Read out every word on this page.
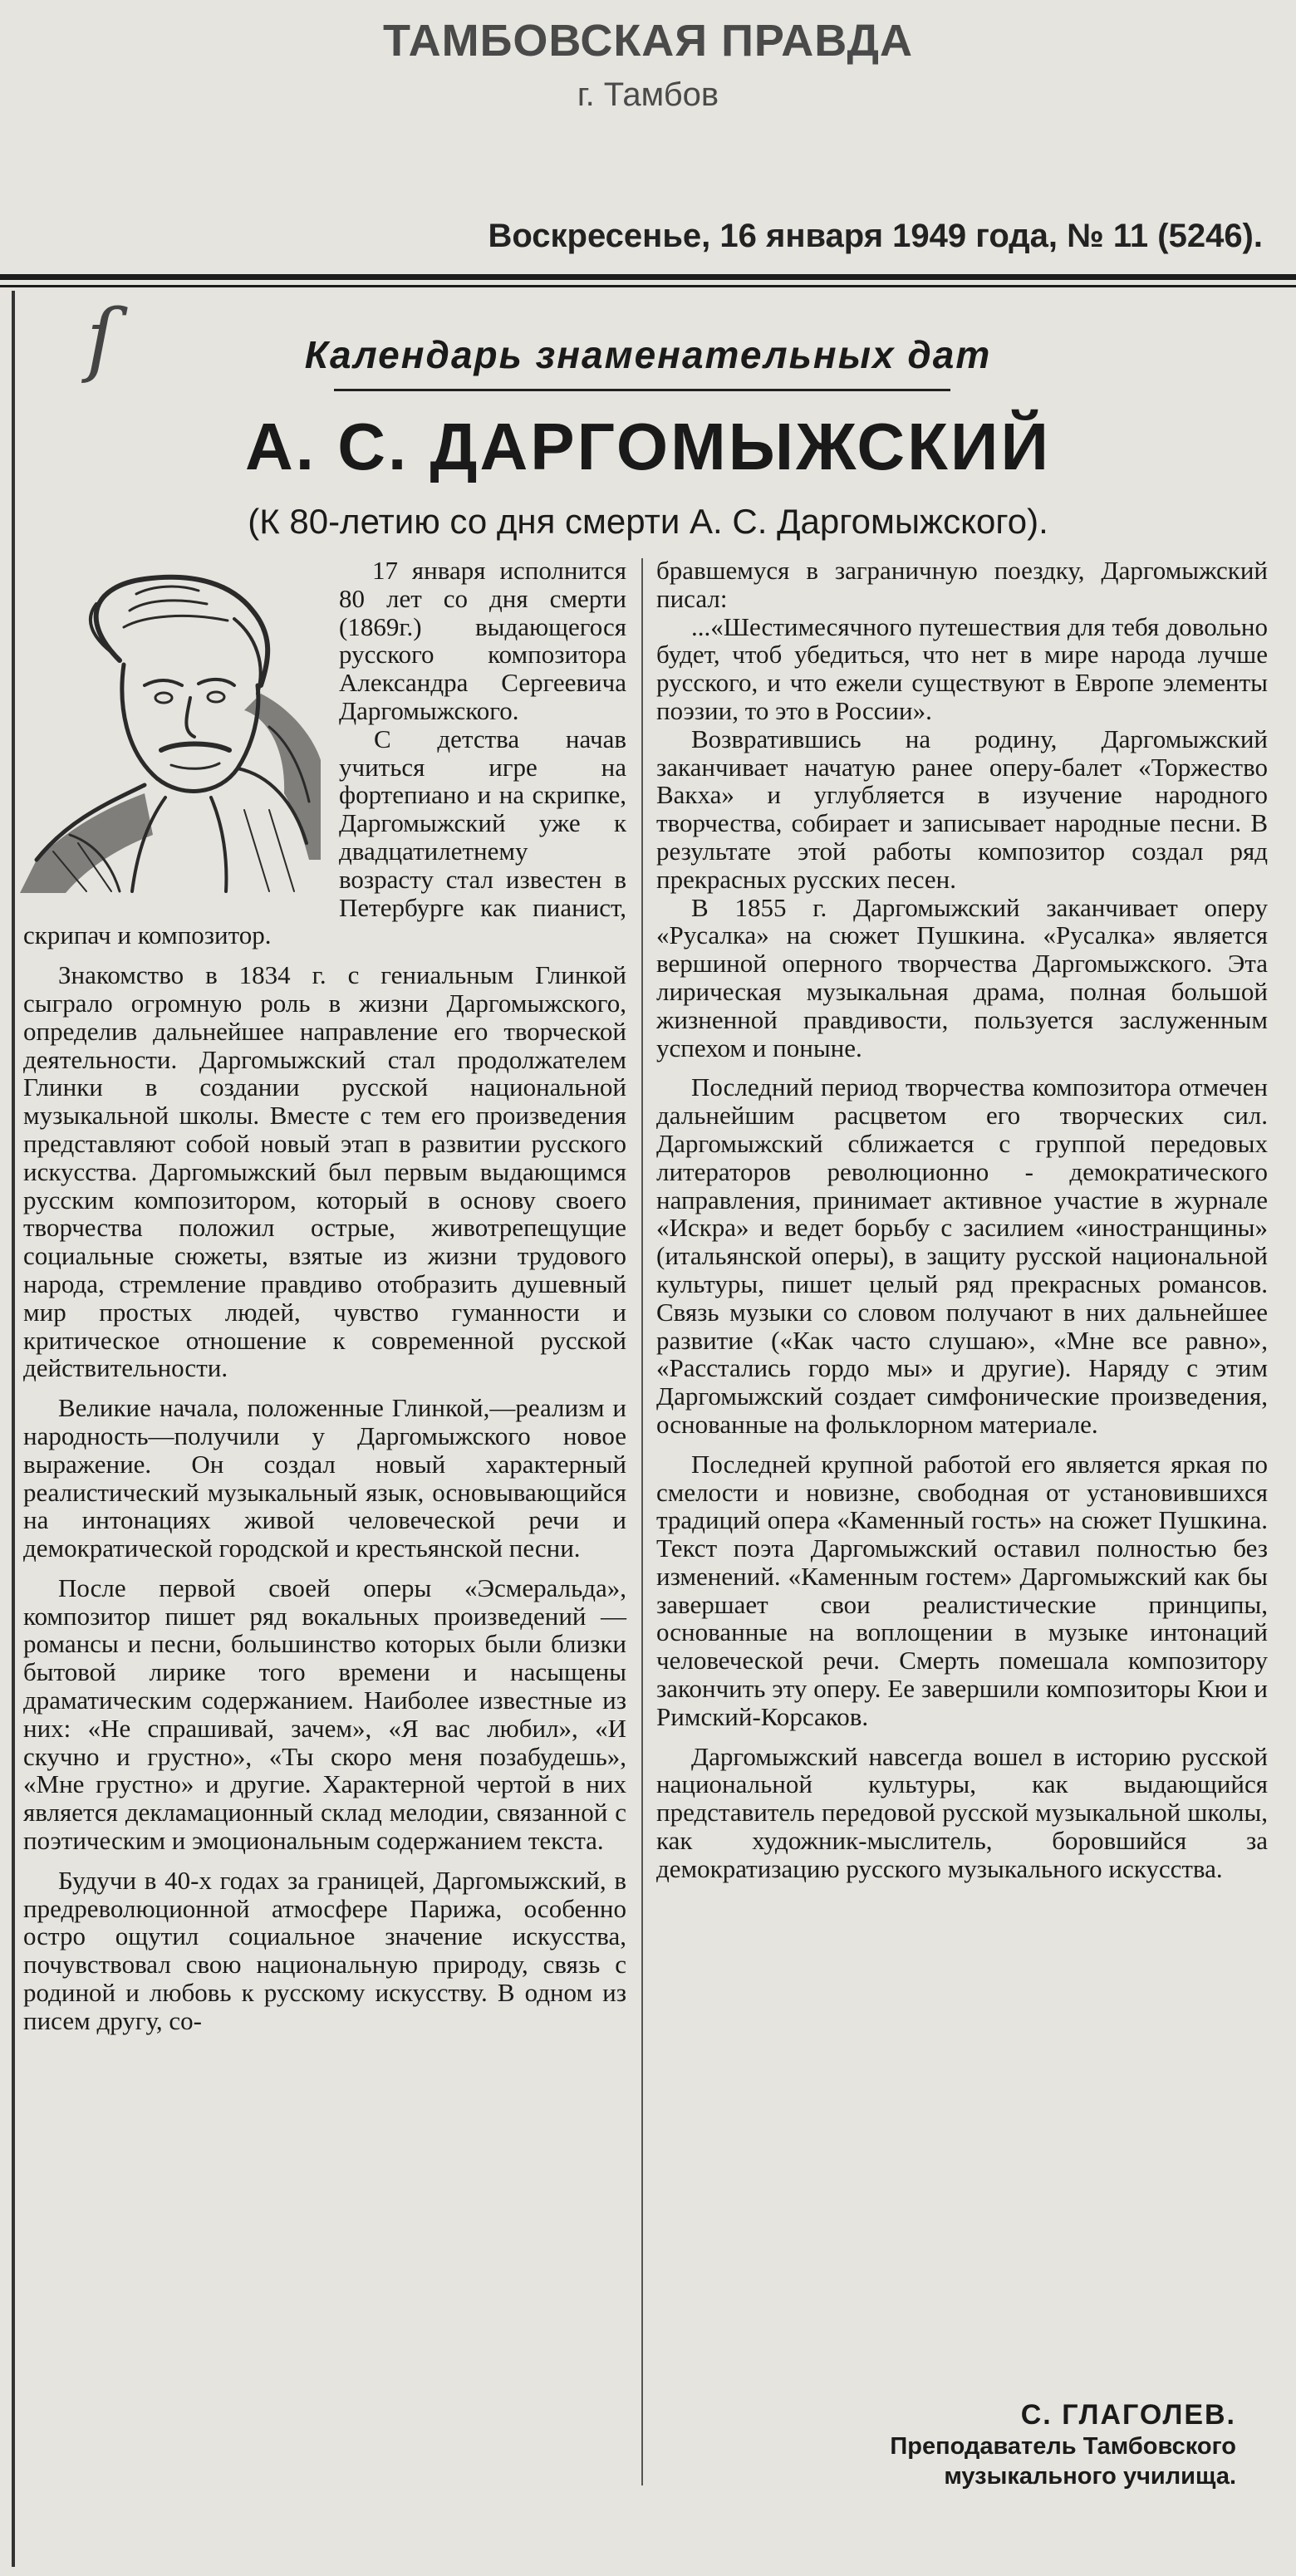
ТАМБОВСКАЯ ПРАВДА
г. Тамбов
Воскресенье, 16 января 1949 года, № 11 (5246).
ſ	Календарь знаменательных дат
А. С. ДАРГОМЫЖСКИЙ
(К 80-летию со дня смерти А. С. Даргомыжского).

17 января исполнится 80 лет со дня смерти (1869г.) выдающегося русского композитора Александра Сергеевича Даргомыжского.

С детства начав учиться игре на фортепиано и на скрипке, Даргомыжский уже к двадцатилетнему возрасту стал известен в Петербурге как пианист, скрипач и композитор.

Знакомство в 1834 г. с гениальным Глинкой сыграло огромную роль в жизни Даргомыжского, определив дальнейшее направление его творческой деятельности. Даргомыжский стал продолжателем Глинки в создании русской национальной музыкальной школы. Вместе с тем его произведения представляют собой новый этап в развитии русского искусства. Даргомыжский был первым выдающимся русским композитором, который в основу своего творчества положил острые, животрепещущие социальные сюжеты, взятые из жизни трудового народа, стремление правдиво отобразить душевный мир простых людей, чувство гуманности и критическое отношение к современной русской действительности.

Великие начала, положенные Глинкой,—реализм и народность—получили у Даргомыжского новое выражение. Он создал новый характерный реалистический музыкальный язык, основывающийся на интонациях живой человеческой речи и демократической городской и крестьянской песни.

После первой своей оперы «Эсмеральда», композитор пишет ряд вокальных произведений — романсы и песни, большинство которых были близки бытовой лирике того времени и насыщены драматическим содержанием. Наиболее известные из них: «Не спрашивай, зачем», «Я вас любил», «И скучно и грустно», «Ты скоро меня позабудешь», «Мне грустно» и другие. Характерной чертой в них является декламационный склад мелодии, связанной с поэтическим и эмоциональным содержанием текста.

Будучи в 40-х годах за границей, Даргомыжский, в предреволюционной атмосфере Парижа, особенно остро ощутил социальное значение искусства, почувствовал свою национальную природу, связь с родиной и любовь к русскому искусству. В одном из писем другу, со-

бравшемуся в заграничную поездку, Даргомыжский писал:

...«Шестимесячного путешествия для тебя довольно будет, чтоб убедиться, что нет в мире народа лучше русского, и что ежели существуют в Европе элементы поэзии, то это в России».

Возвратившись на родину, Даргомыжский заканчивает начатую ранее оперу-балет «Торжество Вакха» и углубляется в изучение народного творчества, собирает и записывает народные песни. В результате этой работы композитор создал ряд прекрасных русских песен.

В 1855 г. Даргомыжский заканчивает оперу «Русалка» на сюжет Пушкина. «Русалка» является вершиной оперного творчества Даргомыжского. Эта лирическая музыкальная драма, полная большой жизненной правдивости, пользуется заслуженным успехом и поныне.

Последний период творчества композитора отмечен дальнейшим расцветом его творческих сил. Даргомыжский сближается с группой передовых литераторов революционно - демократического направления, принимает активное участие в журнале «Искра» и ведет борьбу с засилием «иностранщины» (итальянской оперы), в защиту русской национальной культуры, пишет целый ряд прекрасных романсов. Связь музыки со словом получают в них дальнейшее развитие («Как часто слушаю», «Мне все равно», «Расстались гордо мы» и другие). Наряду с этим Даргомыжский создает симфонические произведения, основанные на фольклорном материале.

Последней крупной работой его является яркая по смелости и новизне, свободная от установившихся традиций опера «Каменный гость» на сюжет Пушкина. Текст поэта Даргомыжский оставил полностью без изменений. «Каменным гостем» Даргомыжский как бы завершает свои реалистические принципы, основанные на воплощении в музыке интонаций человеческой речи. Смерть помешала композитору закончить эту оперу. Ее завершили композиторы Кюи и Римский-Корсаков.

Даргомыжский навсегда вошел в историю русской национальной культуры, как выдающийся представитель передовой русской музыкальной школы, как художник-мыслитель, боровшийся за демократизацию русского музыкального искусства.

С. ГЛАГОЛЕВ.
Преподаватель Тамбовского
музыкального училища.
